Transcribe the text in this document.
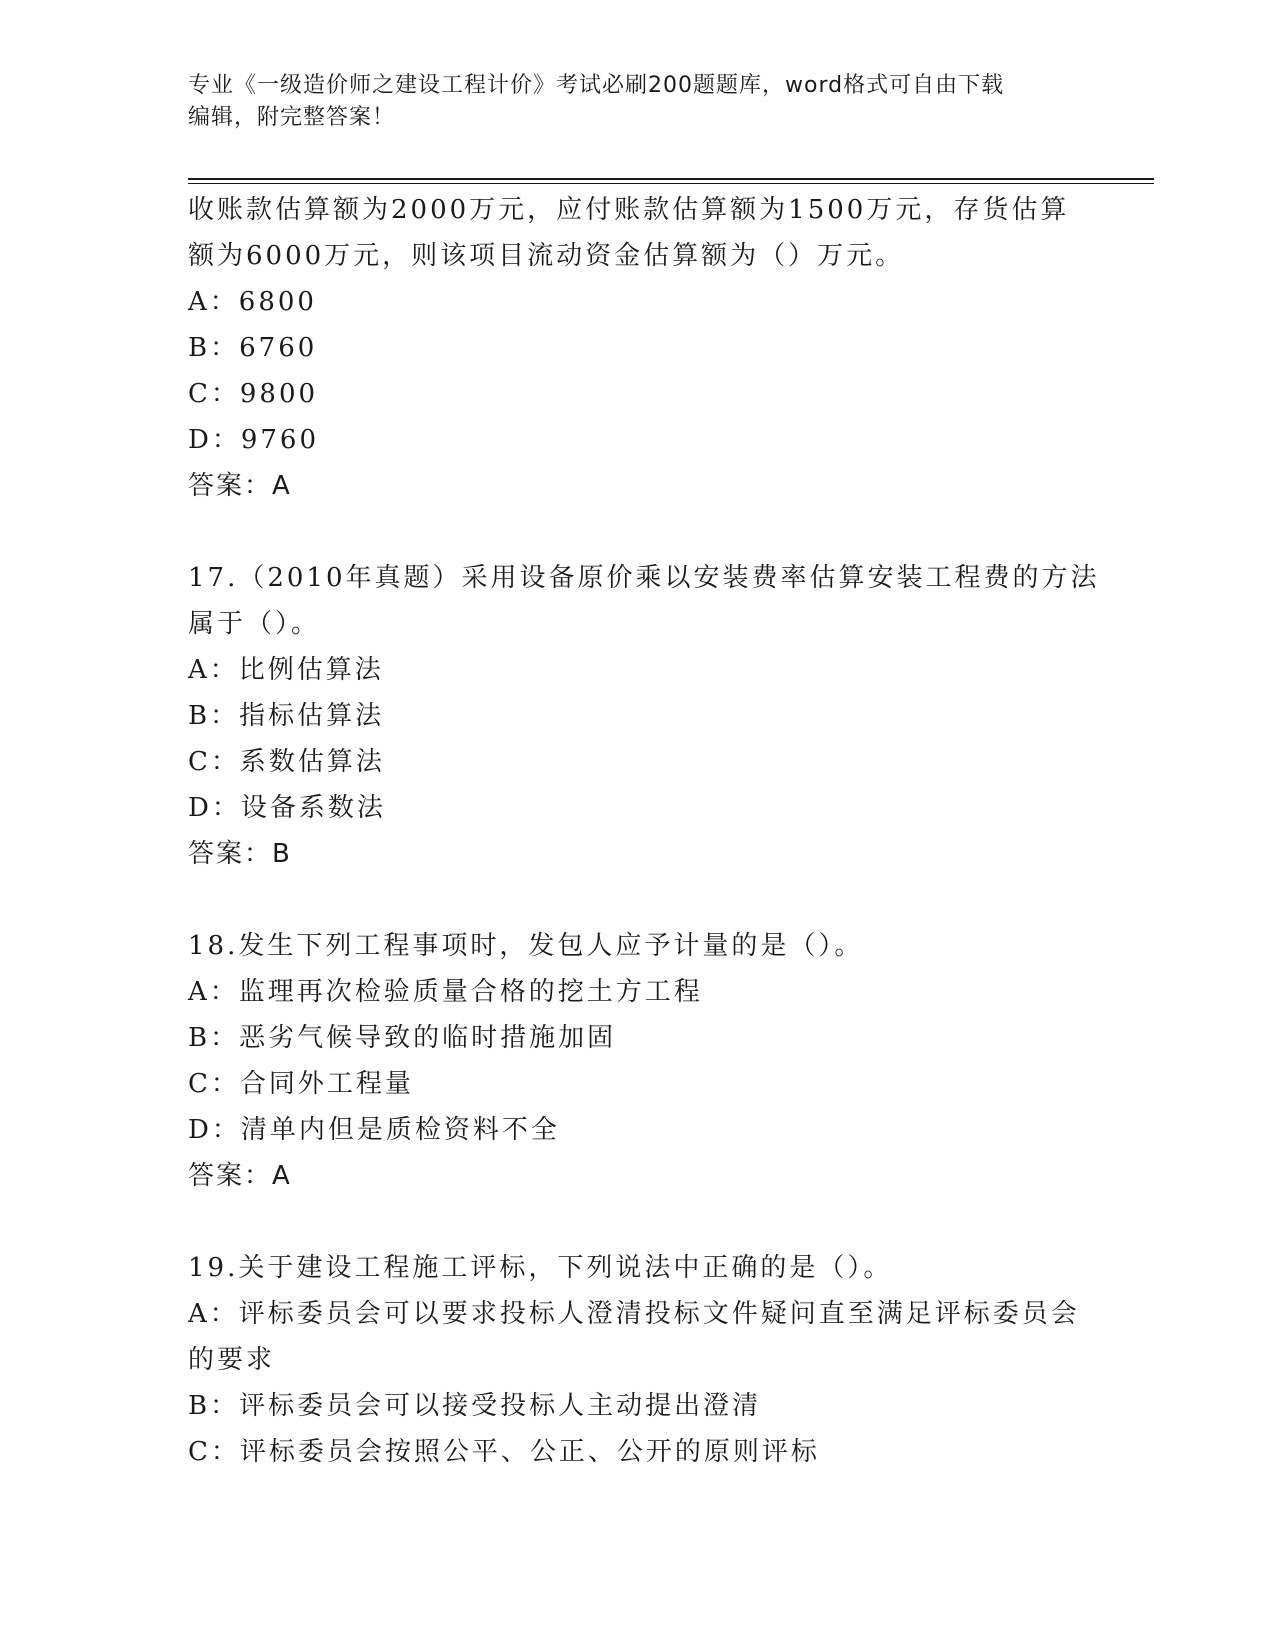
专业《一级造价师之建设工程计价》考试必刷200题题库，word格式可自由下载
编辑，附完整答案！
收账款估算额为2000万元，应付账款估算额为1500万元，存货估算
额为6000万元，则该项目流动资金估算额为（）万元。
A：6800
B：6760
C：9800
D：9760
答案：A
17.（2010年真题）采用设备原价乘以安装费率估算安装工程费的方法
属于（）。
A：比例估算法
B：指标估算法
C：系数估算法
D：设备系数法
答案：B
18.发生下列工程事项时，发包人应予计量的是（）。
A：监理再次检验质量合格的挖土方工程
B：恶劣气候导致的临时措施加固
C：合同外工程量
D：清单内但是质检资料不全
答案：A
19.关于建设工程施工评标，下列说法中正确的是（）。
A：评标委员会可以要求投标人澄清投标文件疑问直至满足评标委员会
的要求
B：评标委员会可以接受投标人主动提出澄清
C：评标委员会按照公平、公正、公开的原则评标
